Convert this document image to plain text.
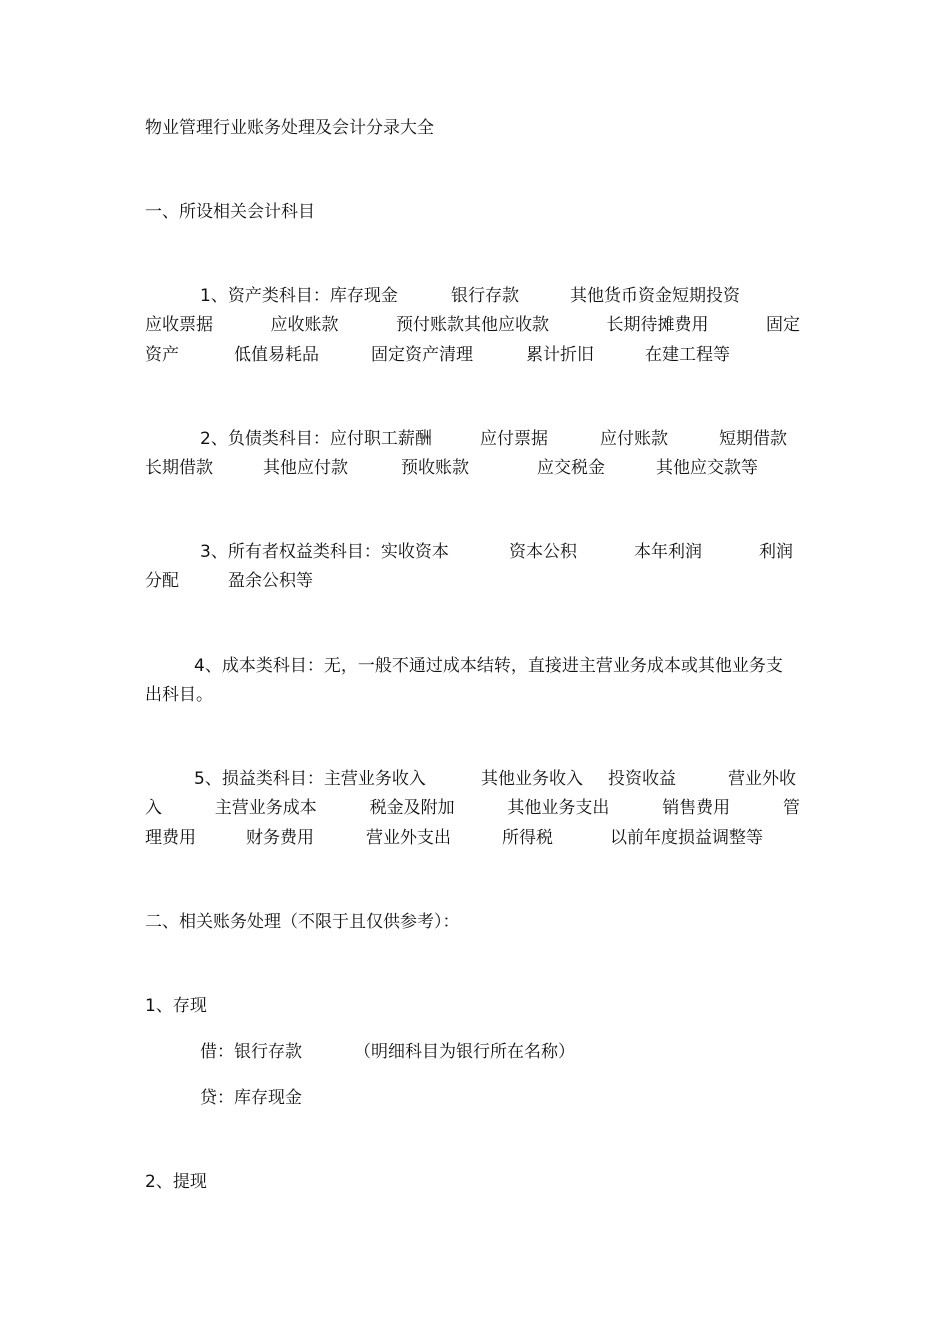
物业管理行业账务处理及会计分录大全
一、所设相关会计科目
1、资产类科目：库存现金	银行存款	其他货币资金短期投资
应收票据	应收账款	预付账款其他应收款	长期待摊费用	固定
资产	低值易耗品	固定资产清理	累计折旧	在建工程等
2、负债类科目：应付职工薪酬	应付票据	应付账款	短期借款
长期借款	其他应付款	预收账款	应交税金	其他应交款等
3、所有者权益类科目：实收资本	资本公积	本年利润	利润
分配	盈余公积等
4、成本类科目：无，一般不通过成本结转，直接进主营业务成本或其他业务支
出科目。
5、损益类科目：主营业务收入	其他业务收入 投资收益	营业外收
入	主营业务成本	税金及附加	其他业务支出	销售费用	管
理费用	财务费用	营业外支出	所得税	以前年度损益调整等
二、相关账务处理（不限于且仅供参考）：
1、存现
借：银行存款	（明细科目为银行所在名称）
贷：库存现金
2、提现
